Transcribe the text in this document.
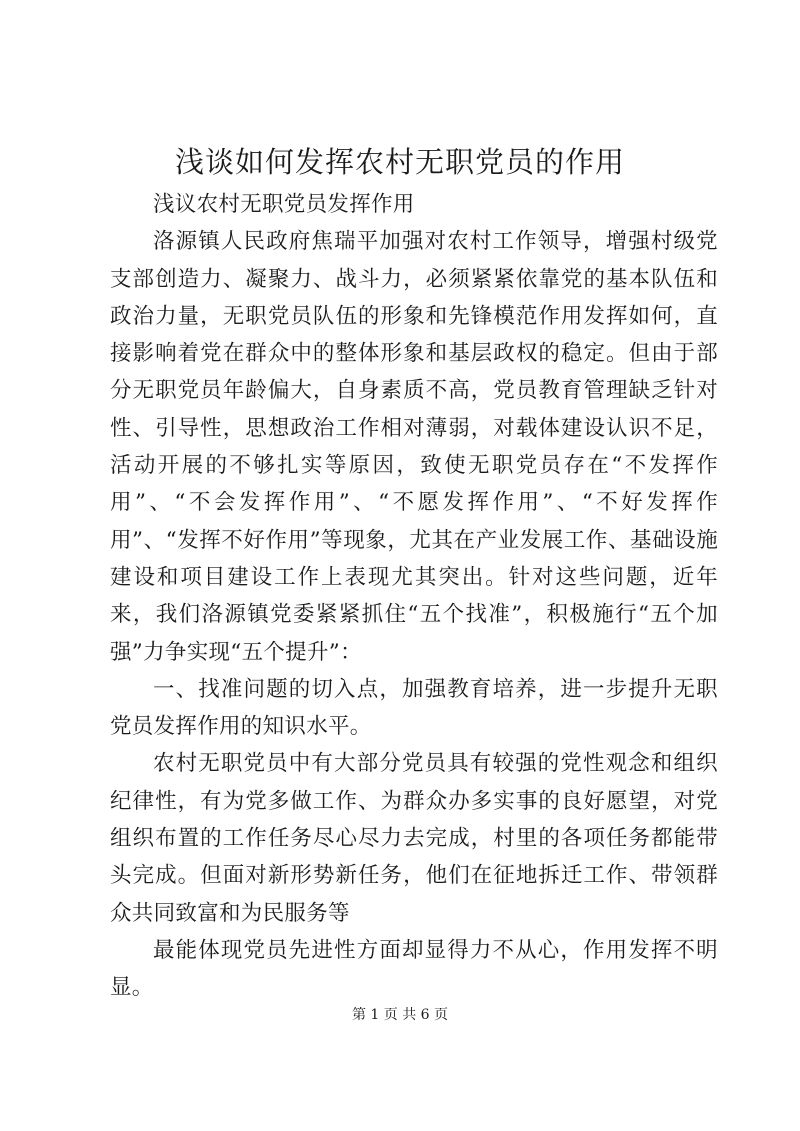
浅谈如何发挥农村无职党员的作用

浅议农村无职党员发挥作用

洛源镇人民政府焦瑞平加强对农村工作领导，增强村级党支部创造力、凝聚力、战斗力，必须紧紧依靠党的基本队伍和政治力量，无职党员队伍的形象和先锋模范作用发挥如何，直接影响着党在群众中的整体形象和基层政权的稳定。但由于部分无职党员年龄偏大，自身素质不高，党员教育管理缺乏针对性、引导性，思想政治工作相对薄弱，对载体建设认识不足，活动开展的不够扎实等原因，致使无职党员存在“不发挥作用”、“不会发挥作用”、“不愿发挥作用”、“不好发挥作用”、“发挥不好作用”等现象，尤其在产业发展工作、基础设施建设和项目建设工作上表现尤其突出。针对这些问题，近年来，我们洛源镇党委紧紧抓住“五个找准”，积极施行“五个加强”力争实现“五个提升”：

一、找准问题的切入点，加强教育培养，进一步提升无职党员发挥作用的知识水平。

农村无职党员中有大部分党员具有较强的党性观念和组织纪律性，有为党多做工作、为群众办多实事的良好愿望，对党组织布置的工作任务尽心尽力去完成，村里的各项任务都能带头完成。但面对新形势新任务，他们在征地拆迁工作、带领群众共同致富和为民服务等

最能体现党员先进性方面却显得力不从心，作用发挥不明显。

第 1 页 共 6 页
